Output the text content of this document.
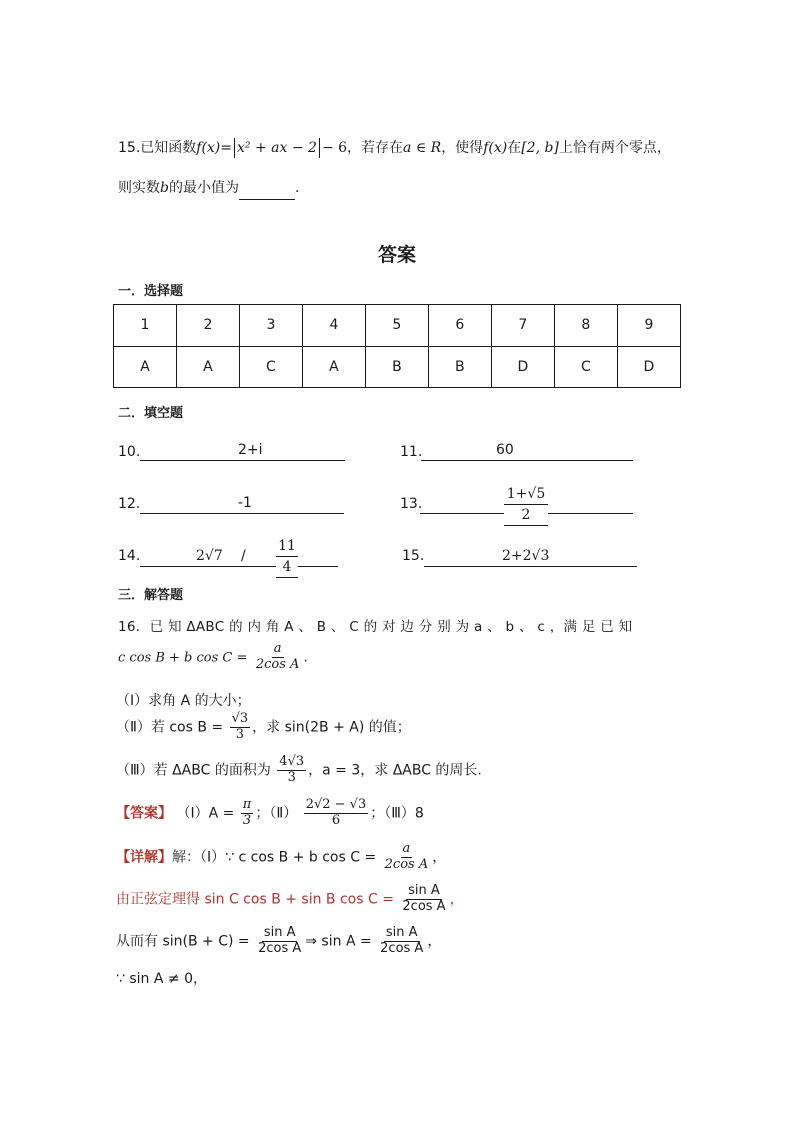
15.已知函数f(x)= x² + ax − 2 − 6，若存在a ∈ R，使得f(x)在[2, b]上恰有两个零点，
则实数b的最小值为	.
答案
一．选择题
1	2	3	4	5	6	7	8	9
A	A	C	A	B	B	D	C	D
二．填空题
10.	2+i	11.	60
12.	-1	13.	$\frac{1+√5}{2}$
14.	$2√7 / \frac{11}{4}$	15.	2+2√3
三．解答题
16．已 知 ΔABC 的 内 角 A 、 B 、 C 的 对 边 分 别 为 a 、 b 、 c ，满 足 已 知
c cos B + b $\cos C = \frac{a}{\text{2cos A}}$ .
（Ⅰ）求角 A 的大小；
（Ⅱ）若 $\cos B = \frac{√3}{3}$ ，求 sin(2B + A) 的值；
（Ⅲ）若 ΔABC 的面积为 $\frac{4√3}{3}$ ，a = 3，求 ΔABC 的周长.
【答案】 （Ⅰ）A = $\frac{\pi}{3}$ ；（Ⅱ） $\frac{2√2 - √3}{6}$ ；（Ⅲ）8
【详解】解：（Ⅰ）∵ c cos B + b $\cos C = \frac{a}{\text{2cos A}}$ ，
由正弦定理得 sin C cos B + sin B $\cos C = \frac{\text{sin A}}{\text{2cos A}}$ ，
从而有 $\sin(B + C) = \frac{\text{sin A}}{\text{2cos A}}$ ⇒ $\sin A = \frac{\text{sin A}}{\text{2cos A}}$ ，
∵ sin A ≠ 0，
